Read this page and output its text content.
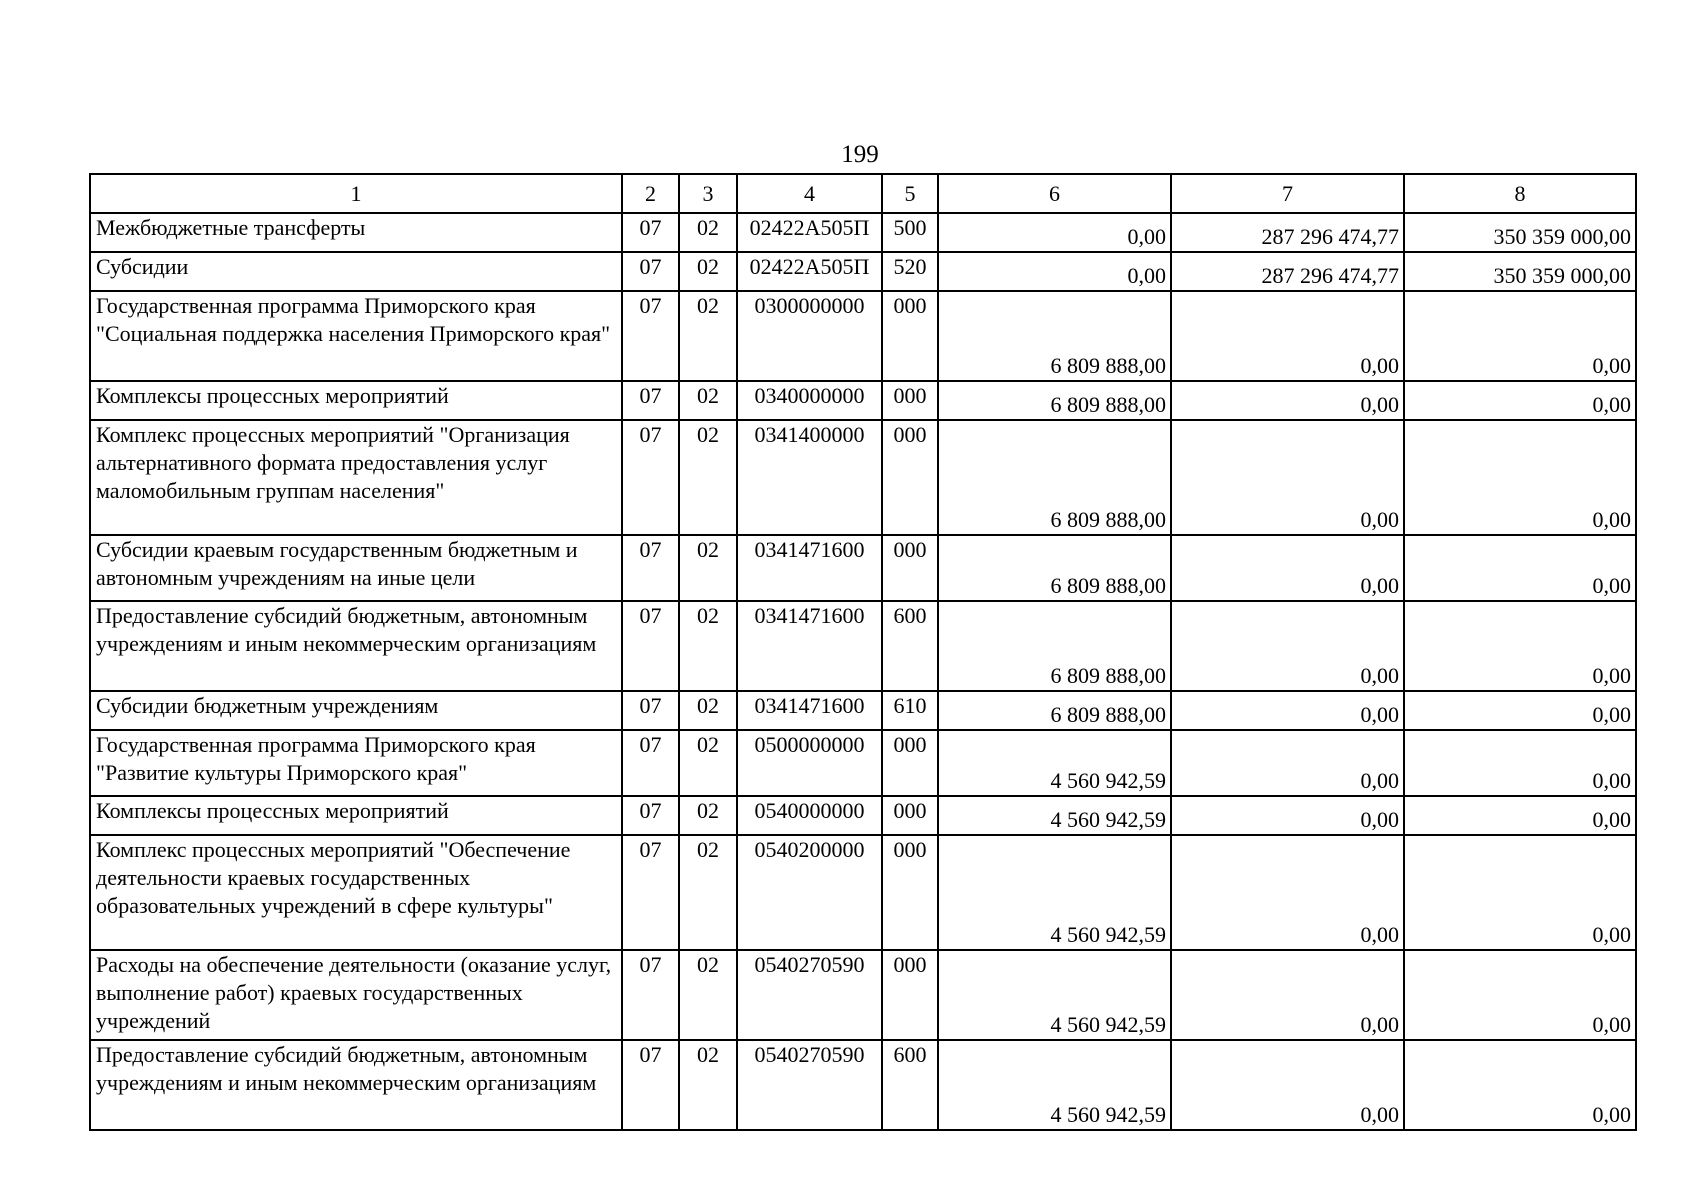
199
1	2	3	4	5	6	7	8
Межбюджетные трансферты	07	02	02422A505П	500	0,00	287 296 474,77	350 359 000,00
Субсидии	07	02	02422A505П	520	0,00	287 296 474,77	350 359 000,00
Государственная программа Приморского края "Социальная поддержка населения Приморского края"	07	02	0300000000	000	6 809 888,00	0,00	0,00
Комплексы процессных мероприятий	07	02	0340000000	000	6 809 888,00	0,00	0,00
Комплекс процессных мероприятий "Организация альтернативного формата предоставления услуг маломобильным группам населения"	07	02	0341400000	000	6 809 888,00	0,00	0,00
Субсидии краевым государственным бюджетным и автономным учреждениям на иные цели	07	02	0341471600	000	6 809 888,00	0,00	0,00
Предоставление субсидий бюджетным, автономным учреждениям и иным некоммерческим организациям	07	02	0341471600	600	6 809 888,00	0,00	0,00
Субсидии бюджетным учреждениям	07	02	0341471600	610	6 809 888,00	0,00	0,00
Государственная программа Приморского края "Развитие культуры Приморского края"	07	02	0500000000	000	4 560 942,59	0,00	0,00
Комплексы процессных мероприятий	07	02	0540000000	000	4 560 942,59	0,00	0,00
Комплекс процессных мероприятий "Обеспечение деятельности краевых государственных образовательных учреждений в сфере культуры"	07	02	0540200000	000	4 560 942,59	0,00	0,00
Расходы на обеспечение деятельности (оказание услуг, выполнение работ) краевых государственных учреждений	07	02	0540270590	000	4 560 942,59	0,00	0,00
Предоставление субсидий бюджетным, автономным учреждениям и иным некоммерческим организациям	07	02	0540270590	600	4 560 942,59	0,00	0,00
